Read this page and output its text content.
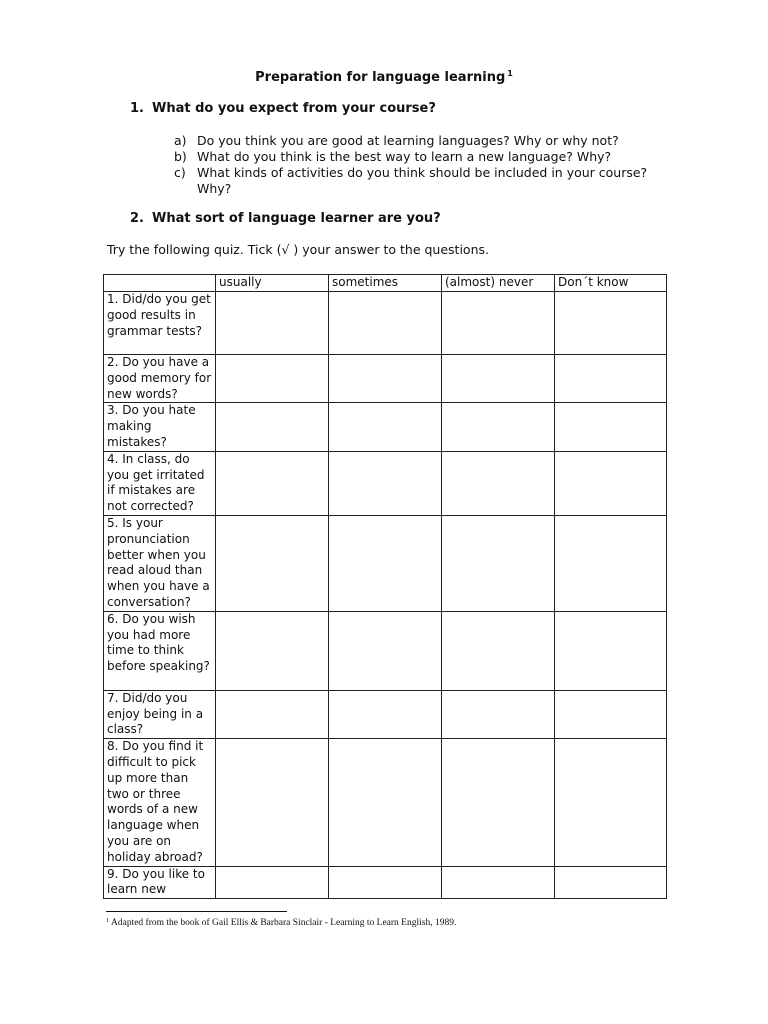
Preparation for language learning $^1$
1. What do you expect from your course?
a) Do you think you are good at learning languages? Why or why not?
b) What do you think is the best way to learn a new language? Why?
c) What kinds of activities do you think should be included in your course? Why?
2. What sort of language learner are you?
Try the following quiz. Tick (√ ) your answer to the questions.
	usually	sometimes	(almost) never	Don´t know
1. Did/do you get good results in grammar tests?				
2. Do you have a good memory for new words?				
3. Do you hate making mistakes?				
4. In class, do you get irritated if mistakes are not corrected?				
5. Is your pronunciation better when you read aloud than when you have a conversation?				
6. Do you wish you had more time to think before speaking?				
7. Did/do you enjoy being in a class?				
8. Do you find it difficult to pick up more than two or three words of a new language when you are on holiday abroad?				
9. Do you like to learn new				
$^1$ Adapted from the book of Gail Ellis & Barbara Sinclair - Learning to Learn English, 1989.
